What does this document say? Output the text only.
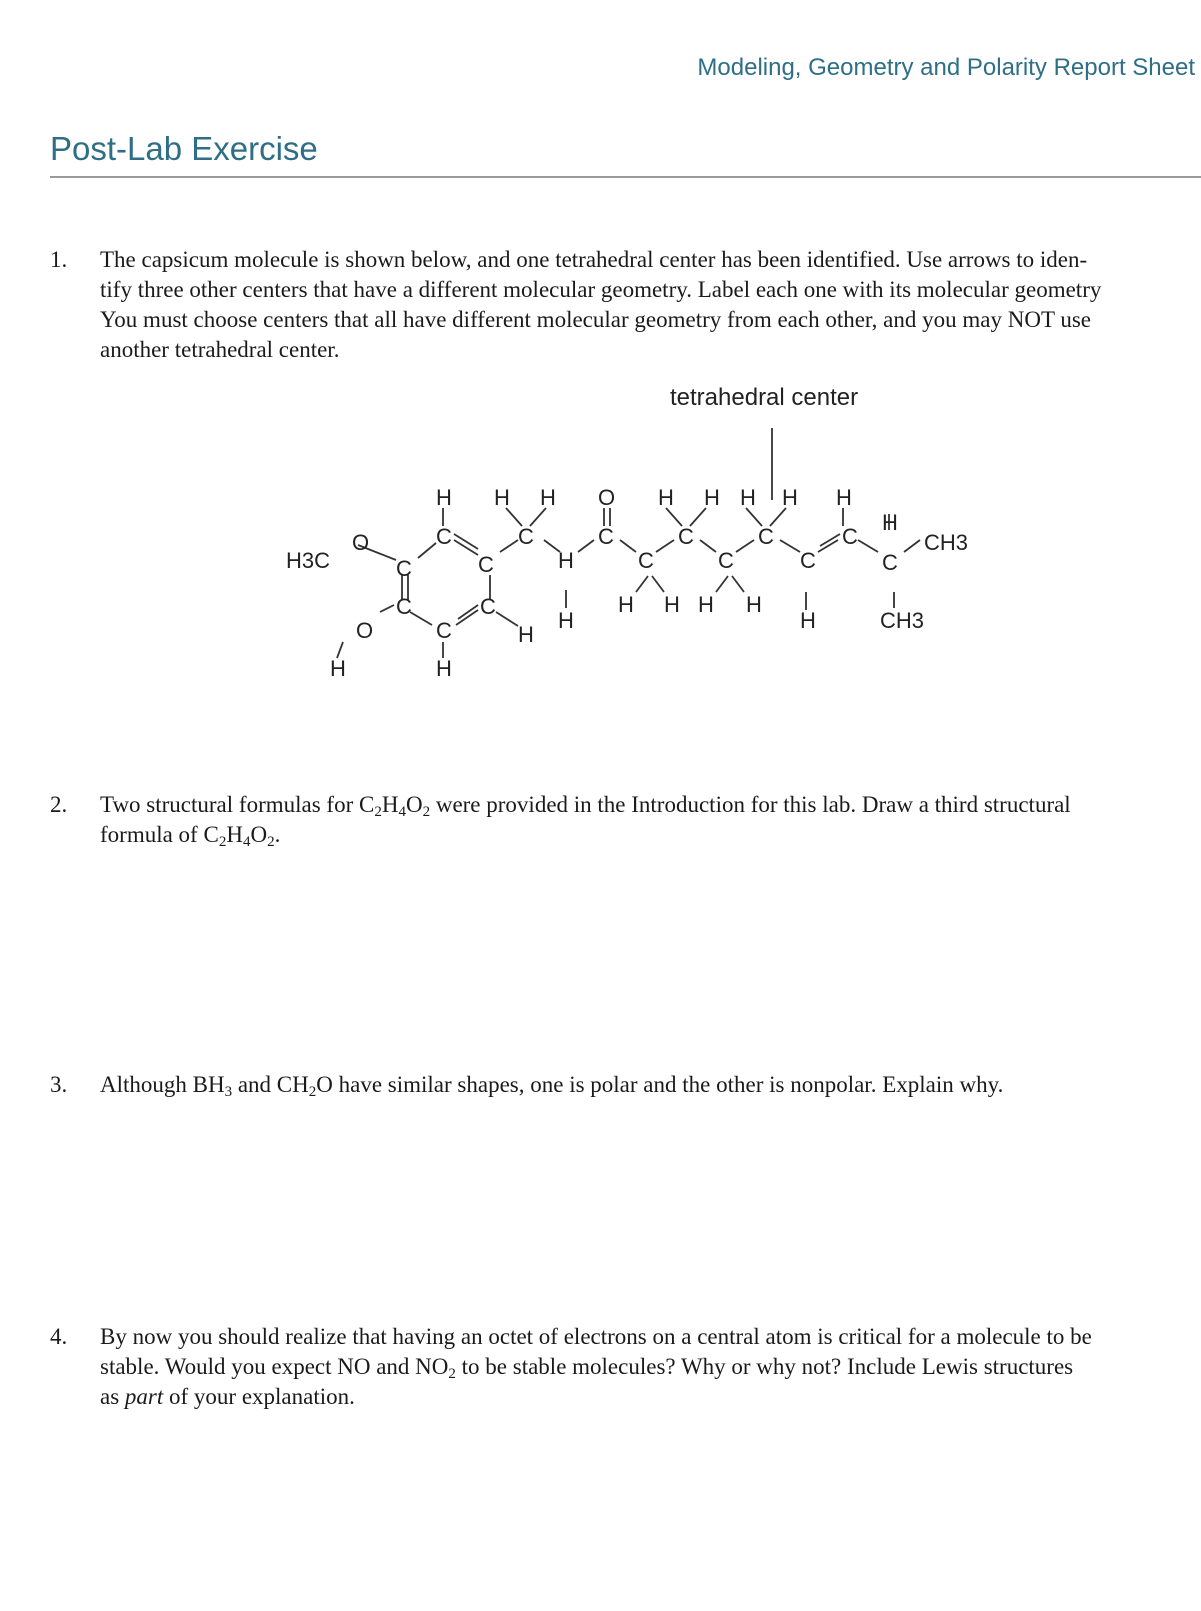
Modeling, Geometry and Polarity Report Sheet
Post-Lab Exercise
1. The capsicum molecule is shown below, and one tetrahedral center has been identified. Use arrows to iden-
tify three other centers that have a different molecular geometry. Label each one with its molecular geometry
You must choose centers that all have different molecular geometry from each other, and you may NOT use
another tetrahedral center.
tetrahedral center
H3C
O
C
H
C
C
C
O
H
C
H
C
H
H H
C
H
H
O
C
C
H H
C
H H
C
H H
C
H H
C
H
H
C
H
C
CH3
CH3
2. Two structural formulas for $C_2H_4O_2$ were provided in the Introduction for this lab. Draw a third structural
formula of $C_2H_4O_2$.
3. Although $BH_3$ and $CH_2O$ have similar shapes, one is polar and the other is nonpolar. Explain why.
4. By now you should realize that having an octet of electrons on a central atom is critical for a molecule to be
stable. Would you expect NO and $NO_2$ to be stable molecules? Why or why not? Include Lewis structures
as part of your explanation.
